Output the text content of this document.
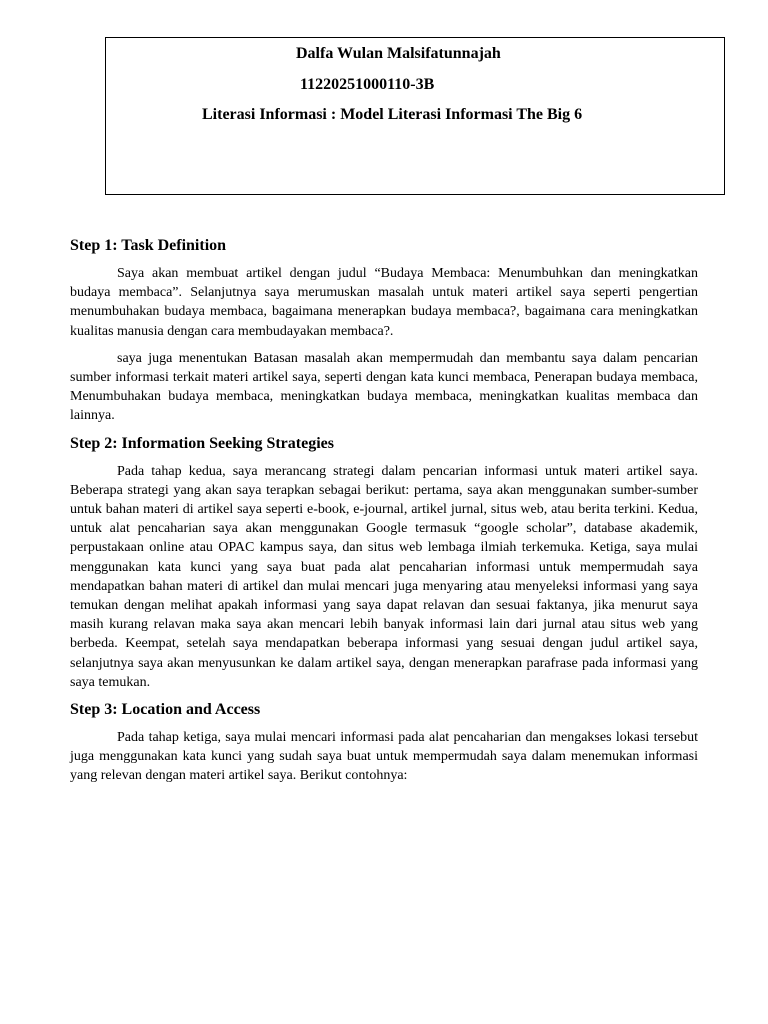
Dalfa Wulan Malsifatunnajah
11220251000110-3B
Literasi Informasi : Model Literasi Informasi The Big 6
Step 1: Task Definition

Saya akan membuat artikel dengan judul “Budaya Membaca: Menumbuhkan dan meningkatkan budaya membaca”. Selanjutnya saya merumuskan masalah untuk materi artikel saya seperti pengertian menumbuhakan budaya membaca, bagaimana menerapkan budaya membaca?, bagaimana cara meningkatkan kualitas manusia dengan cara membudayakan membaca?.

saya juga menentukan Batasan masalah akan mempermudah dan membantu saya dalam pencarian sumber informasi terkait materi artikel saya, seperti dengan kata kunci membaca, Penerapan budaya membaca, Menumbuhakan budaya membaca, meningkatkan budaya membaca, meningkatkan kualitas membaca dan lainnya.

Step 2: Information Seeking Strategies

Pada tahap kedua, saya merancang strategi dalam pencarian informasi untuk materi artikel saya. Beberapa strategi yang akan saya terapkan sebagai berikut: pertama, saya akan menggunakan sumber-sumber untuk bahan materi di artikel saya seperti e-book, e-journal, artikel jurnal, situs web, atau berita terkini. Kedua, untuk alat pencaharian saya akan menggunakan Google termasuk “google scholar”, database akademik, perpustakaan online atau OPAC kampus saya, dan situs web lembaga ilmiah terkemuka. Ketiga, saya mulai menggunakan kata kunci yang saya buat pada alat pencaharian informasi untuk mempermudah saya mendapatkan bahan materi di artikel dan mulai mencari juga menyaring atau menyeleksi informasi yang saya temukan dengan melihat apakah informasi yang saya dapat relavan dan sesuai faktanya, jika menurut saya masih kurang relavan maka saya akan mencari lebih banyak informasi lain dari jurnal atau situs web yang berbeda. Keempat, setelah saya mendapatkan beberapa informasi yang sesuai dengan judul artikel saya, selanjutnya saya akan menyusunkan ke dalam artikel saya, dengan menerapkan parafrase pada informasi yang saya temukan.

Step 3: Location and Access

Pada tahap ketiga, saya mulai mencari informasi pada alat pencaharian dan mengakses lokasi tersebut juga menggunakan kata kunci yang sudah saya buat untuk mempermudah saya dalam menemukan informasi yang relevan dengan materi artikel saya. Berikut contohnya:
